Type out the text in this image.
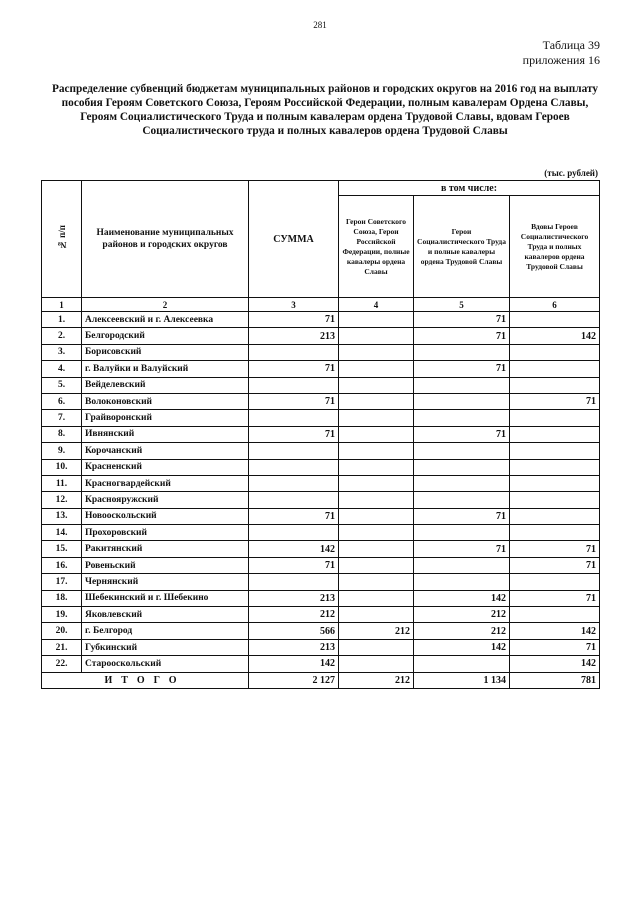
281
Таблица 39
приложения 16
Распределение субвенций бюджетам муниципальных районов и городских округов на 2016 год на выплату пособия Героям Советского Союза, Героям Российской Федерации, полным кавалерам Ордена Славы, Героям Социалистического Труда и полным кавалерам ордена Трудовой Славы, вдовам Героев Социалистического труда и полных кавалеров ордена Трудовой Славы
(тыс. рублей)
№ п/п	Наименование муниципальных районов и городских округов	СУММА	в том числе:		
			Герои Советского Союза, Герои Российской Федерации, полные кавалеры ордена Славы	Герои Социалистического Труда и полные кавалеры ордена Трудовой Славы	Вдовы Героев Социалистического Труда и полных кавалеров ордена Трудовой Славы
1	2	3	4	5	6
1.	Алексеевский и г. Алексеевка	71		71	
2.	Белгородский	213		71	142
3.	Борисовский				
4.	г. Валуйки и Валуйский	71		71	
5.	Вейделевский				
6.	Волоконовский	71			71
7.	Грайворонский				
8.	Ивнянский	71		71	
9.	Корочанский				
10.	Красненский				
11.	Красногвардейский				
12.	Краснояружский				
13.	Новооскольский	71		71	
14.	Прохоровский				
15.	Ракитянский	142		71	71
16.	Ровеньский	71			71
17.	Чернянский				
18.	Шебекинский и г. Шебекино	213		142	71
19.	Яковлевский	212		212	
20.	г. Белгород	566	212	212	142
21.	Губкинский	213		142	71
22.	Старооскольский	142			142
ИТОГО		2 127	212	1 134	781
